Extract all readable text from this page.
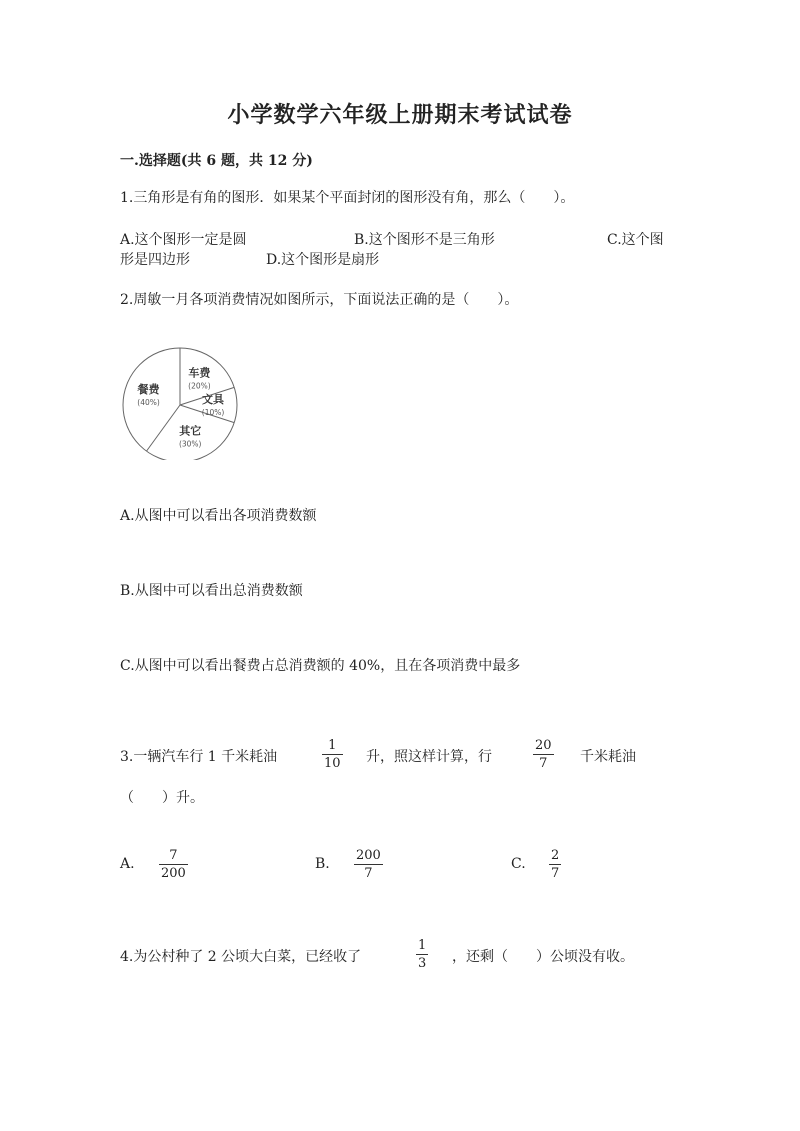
小学数学六年级上册期末考试试卷
一.选择题(共 6 题，共 12 分)
1.三角形是有角的图形．如果某个平面封闭的图形没有角，那么（　　）。
A.这个图形一定是圆	B.这个图形不是三角形	C.这个图
形是四边形	D.这个图形是扇形
2.周敏一月各项消费情况如图所示，下面说法正确的是（　　）。
车费
文具
其它
餐费	(20%)
(10%)
(30%)
(40%)
A.从图中可以看出各项消费数额
B.从图中可以看出总消费数额
C.从图中可以看出餐费占总消费额的 40%，且在各项消费中最多
3.一辆汽车行 1 千米耗油
1
10 升，照这样计算，行
20
7 千米耗油
（　　）升。
A.
7
200
B.
200
7
C.
2
7
4.为公村种了 2 公顷大白菜，已经收了
1
3 ，还剩（　　）公顷没有收。
